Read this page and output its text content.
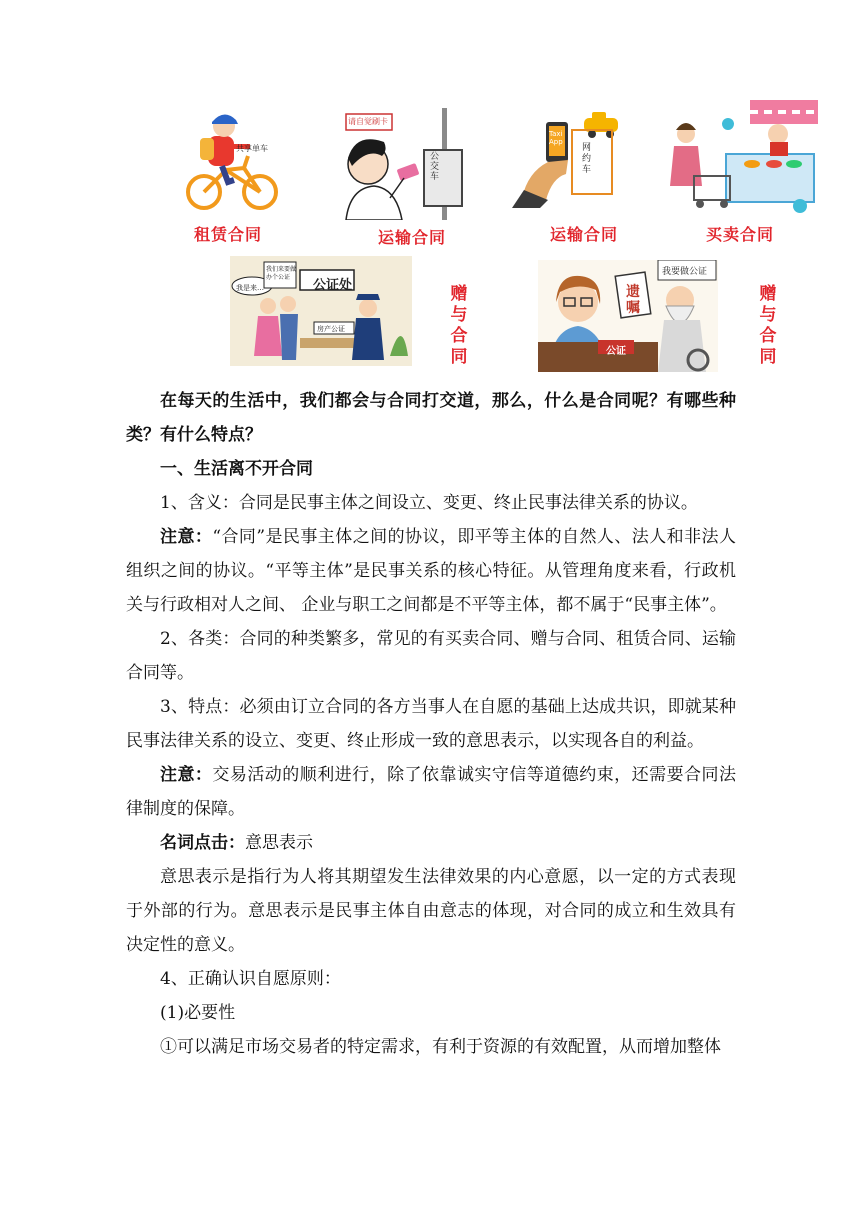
共享单车
租赁合同
请自觉刷卡
公交车
运输合同
Taxi App
网约车
运输合同	买卖合同
我是来…
我们来要做办个公证
公证处
房产公证
赠与合同
我要做公证
遗嘱
公证
赠与合同

在每天的生活中，我们都会与合同打交道，那么，什么是合同呢？有哪些种类？有什么特点？

一、生活离不开合同

1、含义：合同是民事主体之间设立、变更、终止民事法律关系的协议。

注意：“合同”是民事主体之间的协议，即平等主体的自然人、法人和非法人组织之间的协议。“平等主体”是民事关系的核心特征。从管理角度来看，行政机关与行政相对人之间、 企业与职工之间都是不平等主体，都不属于“民事主体”。

2、各类：合同的种类繁多，常见的有买卖合同、赠与合同、租赁合同、运输合同等。

3、特点：必须由订立合同的各方当事人在自愿的基础上达成共识，即就某种民事法律关系的设立、变更、终止形成一致的意思表示，以实现各自的利益。

注意：交易活动的顺利进行，除了依靠诚实守信等道德约束，还需要合同法律制度的保障。

名词点击：意思表示

意思表示是指行为人将其期望发生法律效果的内心意愿，以一定的方式表现于外部的行为。意思表示是民事主体自由意志的体现，对合同的成立和生效具有决定性的意义。

4、正确认识自愿原则：

(1)必要性

①可以满足市场交易者的特定需求，有利于资源的有效配置，从而增加整体
